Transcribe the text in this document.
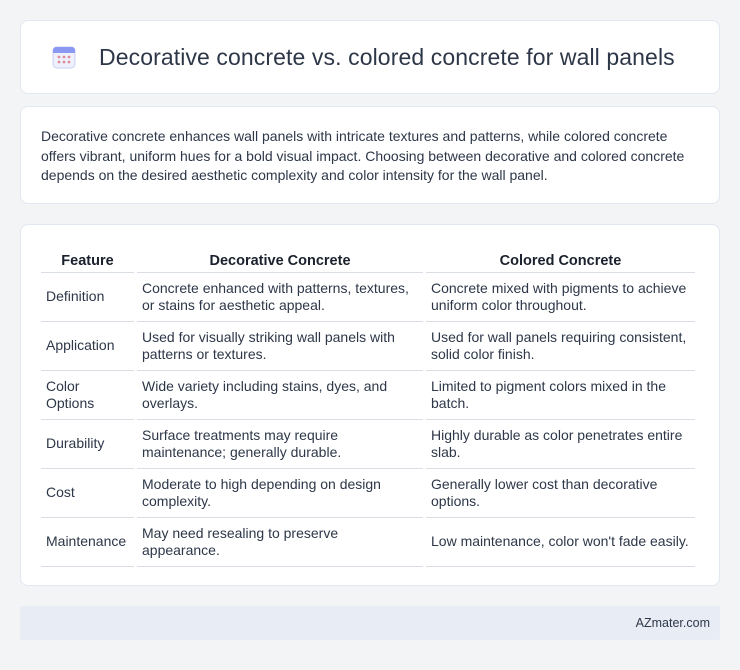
Decorative concrete vs. colored concrete for wall panels

Decorative concrete enhances wall panels with intricate textures and patterns, while colored concrete offers vibrant, uniform hues for a bold visual impact. Choosing between decorative and colored concrete depends on the desired aesthetic complexity and color intensity for the wall panel.

Feature	Decorative Concrete	Colored Concrete
Definition	Concrete enhanced with patterns, textures, or stains for aesthetic appeal.	Concrete mixed with pigments to achieve uniform color throughout.
Application	Used for visually striking wall panels with patterns or textures.	Used for wall panels requiring consistent, solid color finish.
Color Options	Wide variety including stains, dyes, and overlays.	Limited to pigment colors mixed in the batch.
Durability	Surface treatments may require maintenance; generally durable.	Highly durable as color penetrates entire slab.
Cost	Moderate to high depending on design complexity.	Generally lower cost than decorative options.
Maintenance	May need resealing to preserve appearance.	Low maintenance, color won't fade easily.
AZmater.com
